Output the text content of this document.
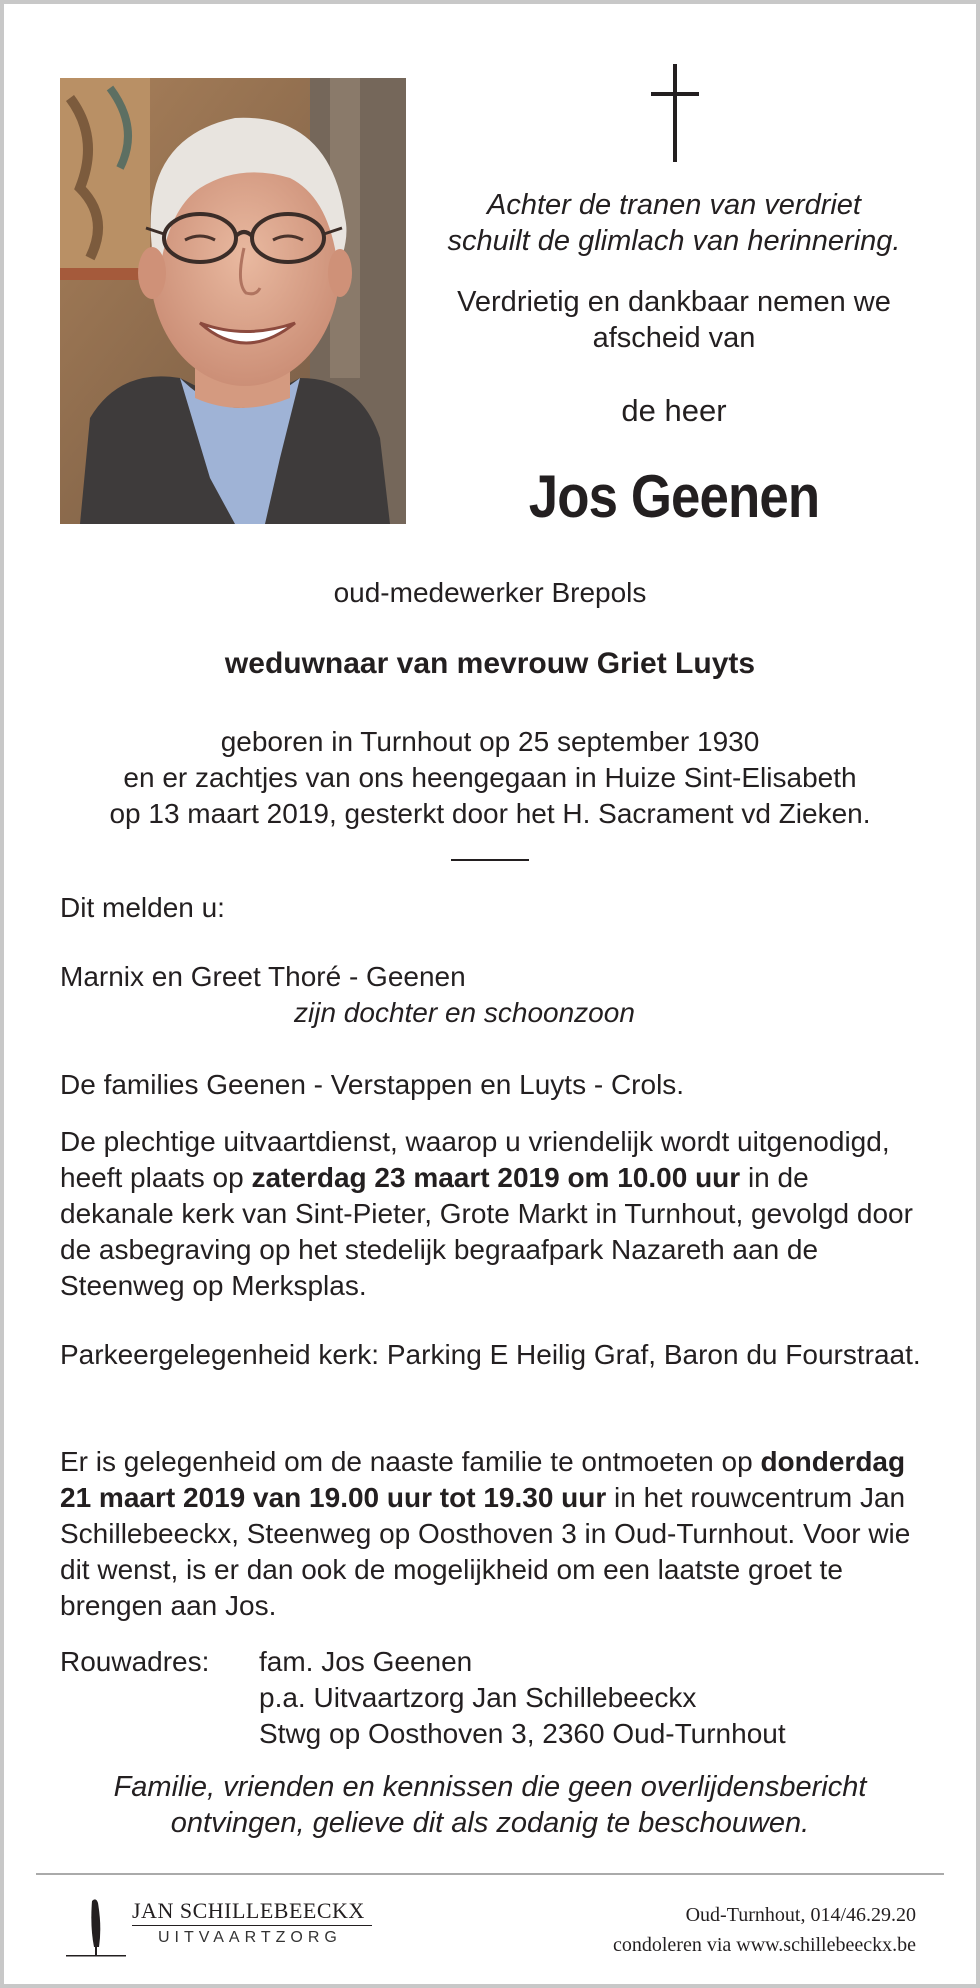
Achter de tranen van verdriet
schuilt de glimlach van herinnering.
Verdrietig en dankbaar nemen we
afscheid van
de heer
Jos Geenen
oud-medewerker Brepols
weduwnaar van mevrouw Griet Luyts
geboren in Turnhout op 25 september 1930
en er zachtjes van ons heengegaan in Huize Sint-Elisabeth
op 13 maart 2019, gesterkt door het H. Sacrament vd Zieken.
Dit melden u:
Marnix en Greet Thoré - Geenen
zijn dochter en schoonzoon
De families Geenen - Verstappen en Luyts - Crols.
De plechtige uitvaartdienst, waarop u vriendelijk wordt uitgenodigd, heeft plaats op zaterdag 23 maart 2019 om 10.00 uur in de dekanale kerk van Sint-Pieter, Grote Markt in Turnhout, gevolgd door de asbegraving op het stedelijk begraafpark Nazareth aan de Steenweg op Merksplas.
Parkeergelegenheid kerk: Parking E Heilig Graf, Baron du Fourstraat.
Er is gelegenheid om de naaste familie te ontmoeten op donderdag 21 maart 2019 van 19.00 uur tot 19.30 uur in het rouwcentrum Jan Schillebeeckx, Steenweg op Oosthoven 3 in Oud-Turnhout. Voor wie dit wenst, is er dan ook de mogelijkheid om een laatste groet te brengen aan Jos.
Rouwadres: fam. Jos Geenen
p.a. Uitvaartzorg Jan Schillebeeckx
Stwg op Oosthoven 3, 2360 Oud-Turnhout
Familie, vrienden en kennissen die geen overlijdensbericht
ontvingen, gelieve dit als zodanig te beschouwen.
JAN SCHILLEBEECKX
UITVAARTZORG
Oud-Turnhout, 014/46.29.20
condoleren via www.schillebeeckx.be
